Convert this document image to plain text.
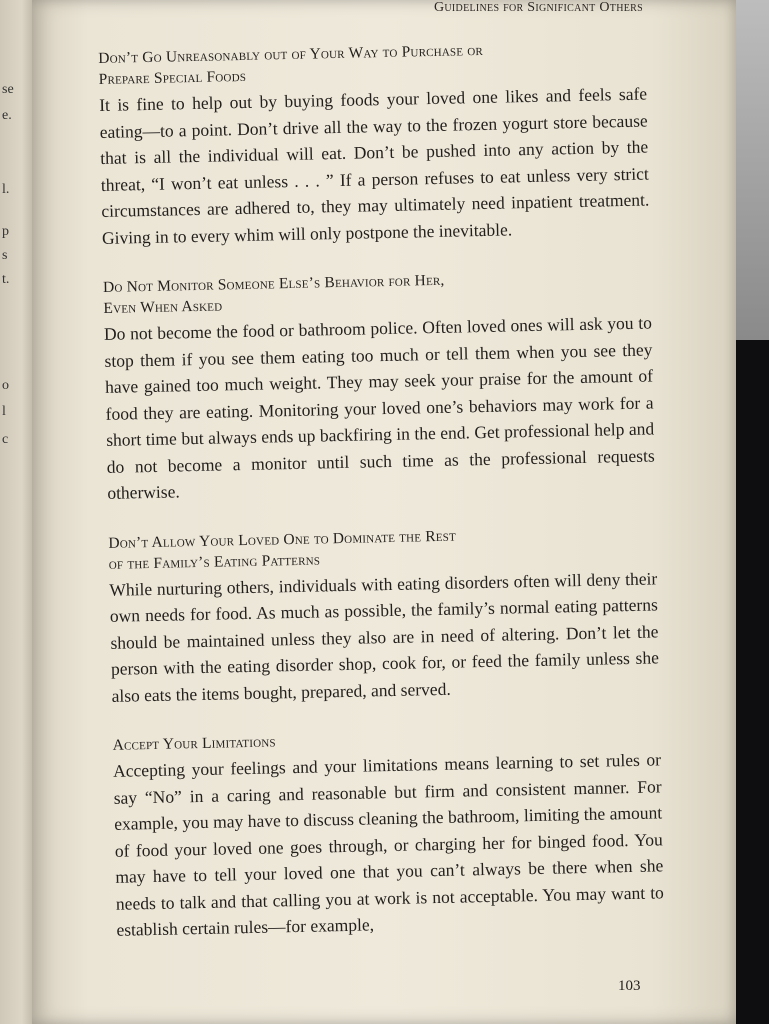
se
e.
l.
p
s
t.
o
l
c
Guidelines for Significant Others
Don’t Go Unreasonably out of Your Way to Purchase or
Prepare Special Foods

It is fine to help out by buying foods your loved one likes and feels safe eating—to a point. Don’t drive all the way to the frozen yogurt store because that is all the individual will eat. Don’t be pushed into any action by the threat, “I won’t eat unless . . . ” If a person refuses to eat unless very strict circumstances are adhered to, they may ultimately need inpatient treatment. Giving in to every whim will only postpone the inevitable.

Do Not Monitor Someone Else’s Behavior for Her,
Even When Asked

Do not become the food or bathroom police. Often loved ones will ask you to stop them if you see them eating too much or tell them when you see they have gained too much weight. They may seek your praise for the amount of food they are eating. Monitoring your loved one’s behaviors may work for a short time but always ends up backfiring in the end. Get professional help and do not become a monitor until such time as the professional requests otherwise.

Don’t Allow Your Loved One to Dominate the Rest
of the Family’s Eating Patterns

While nurturing others, individuals with eating disorders often will deny their own needs for food. As much as possible, the family’s normal eating patterns should be maintained unless they also are in need of altering. Don’t let the person with the eating disorder shop, cook for, or feed the family unless she also eats the items bought, prepared, and served.

Accept Your Limitations

Accepting your feelings and your limitations means learning to set rules or say “No” in a caring and reasonable but firm and consistent manner. For example, you may have to discuss cleaning the bathroom, limiting the amount of food your loved one goes through, or charging her for binged food. You may have to tell your loved one that you can’t always be there when she needs to talk and that calling you at work is not acceptable. You may want to establish certain rules—for example,

103
